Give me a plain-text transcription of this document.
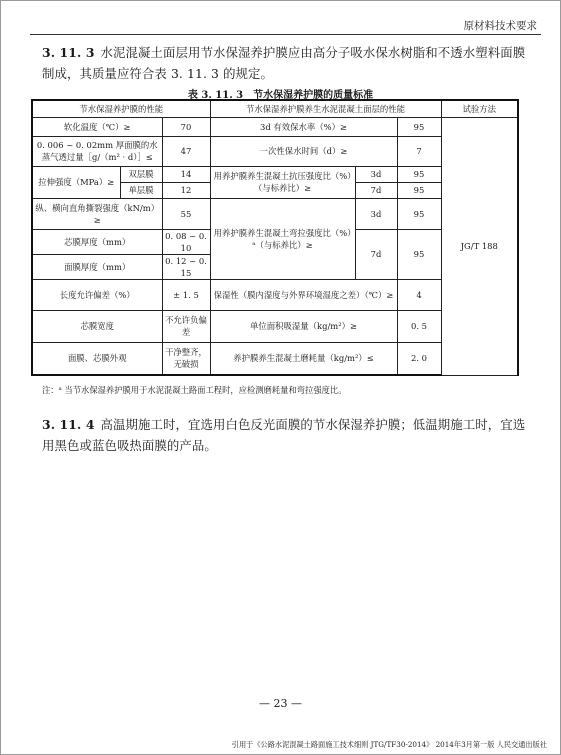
原材料技术要求
3. 11. 3 水泥混凝土面层用节水保湿养护膜应由高分子吸水保水树脂和不透水塑料面膜制成，其质量应符合表 3. 11. 3 的规定。
表 3. 11. 3　节水保湿养护膜的质量标准
节水保湿养护膜的性能			节水保湿养护膜养生水泥混凝土面层的性能			试验方法
软化温度（℃）≥		70	3d 有效保水率（%）≥		95	JG/T 188
0. 006 ~ 0. 02mm 厚面膜的水蒸气透过量［g/（m² · d）］≤		47	一次性保水时间（d）≥		7	
拉伸强度（MPa）≥	双层膜	14	用养护膜养生混凝土抗压强度比（%）（与标养比）≥	3d	95	
	单层膜	12		7d	95	
纵、横向直角撕裂强度（kN/m）≥		55	用养护膜养生混凝土弯拉强度比（%）ᵃ（与标养比）≥	3d	95	
芯膜厚度（mm）		0. 08 ~ 0. 10		7d	95	
面膜厚度（mm）		0. 12 ~ 0. 15				
长度允许偏差（%）		± 1. 5	保湿性（膜内湿度与外界环境湿度之差）（℃）≥		4	
芯膜宽度		不允许负偏差	单位面积吸湿量（kg/m²）≥		0. 5	
面膜、芯膜外观		干净整齐，无破损	养护膜养生混凝土磨耗量（kg/m²）≤		2. 0	
注：ᵃ 当节水保湿养护膜用于水泥混凝土路面工程时，应检测磨耗量和弯拉强度比。
3. 11. 4 高温期施工时，宜选用白色反光面膜的节水保湿养护膜；低温期施工时，宜选用黑色或蓝色吸热面膜的产品。
— 23 —
引用于《公路水泥混凝土路面施工技术细则 JTG/TF30-2014》 2014年3月第一版 人民交通出版社
